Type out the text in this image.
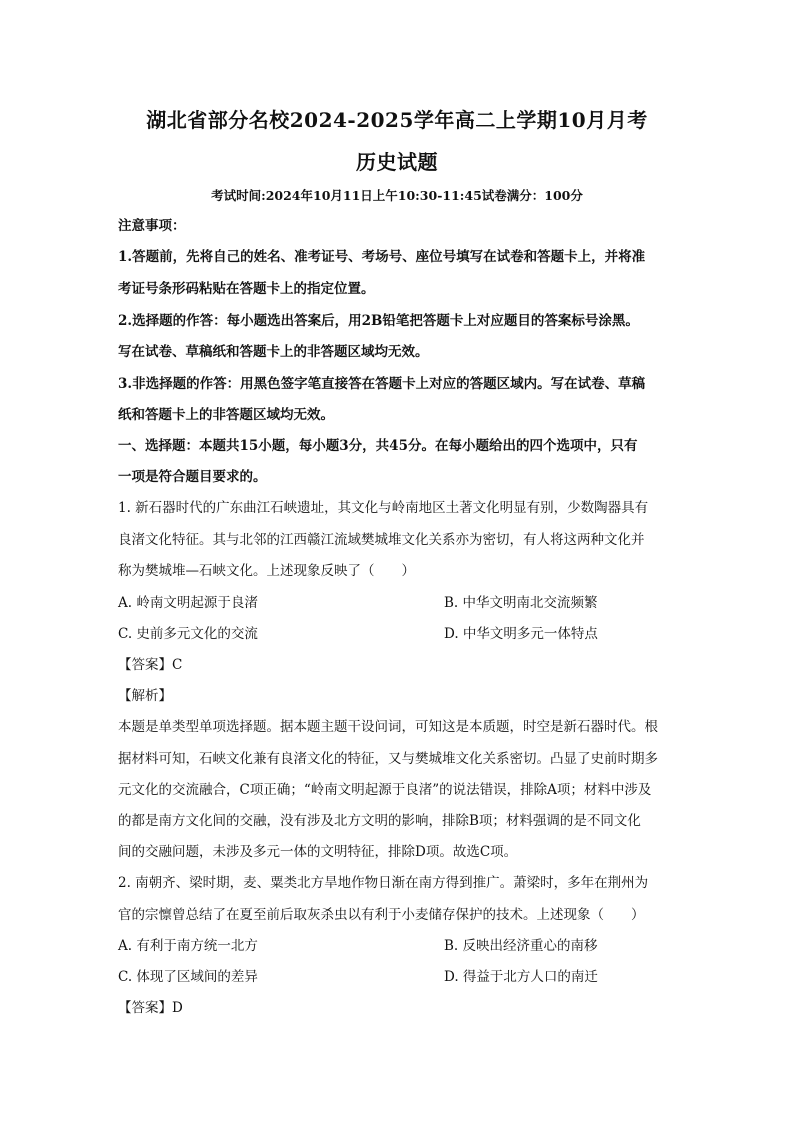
湖北省部分名校2024-2025学年高二上学期10月月考
历史试题
考试时间:2024年10月11日上午10:30-11:45试卷满分：100分
注意事项：
1.答题前，先将自己的姓名、准考证号、考场号、座位号填写在试卷和答题卡上，并将准
考证号条形码粘贴在答题卡上的指定位置。
2.选择题的作答：每小题选出答案后，用2B铅笔把答题卡上对应题目的答案标号涂黑。
写在试卷、草稿纸和答题卡上的非答题区域均无效。
3.非选择题的作答：用黑色签字笔直接答在答题卡上对应的答题区域内。写在试卷、草稿
纸和答题卡上的非答题区域均无效。
一、选择题：本题共15小题，每小题3分，共45分。在每小题给出的四个选项中，只有
一项是符合题目要求的。
1. 新石器时代的广东曲江石峡遗址，其文化与岭南地区土著文化明显有别，少数陶器具有
良渚文化特征。其与北邻的江西赣江流域樊城堆文化关系亦为密切，有人将这两种文化并
称为樊城堆—石峡文化。上述现象反映了（　　）
A. 岭南文明起源于良渚	B. 中华文明南北交流频繁
C. 史前多元文化的交流	D. 中华文明多元一体特点
【答案】C
【解析】
本题是单类型单项选择题。据本题主题干设问词，可知这是本质题，时空是新石器时代。根
据材料可知，石峡文化兼有良渚文化的特征，又与樊城堆文化关系密切。凸显了史前时期多
元文化的交流融合，C项正确；“岭南文明起源于良渚”的说法错误，排除A项；材料中涉及
的都是南方文化间的交融，没有涉及北方文明的影响，排除B项；材料强调的是不同文化
间的交融问题，未涉及多元一体的文明特征，排除D项。故选C项。
2. 南朝齐、梁时期，麦、粟类北方旱地作物日渐在南方得到推广。萧梁时，多年在荆州为
官的宗懔曾总结了在夏至前后取灰杀虫以有利于小麦储存保护的技术。上述现象（　　）
A. 有利于南方统一北方	B. 反映出经济重心的南移
C. 体现了区域间的差异	D. 得益于北方人口的南迁
【答案】D
